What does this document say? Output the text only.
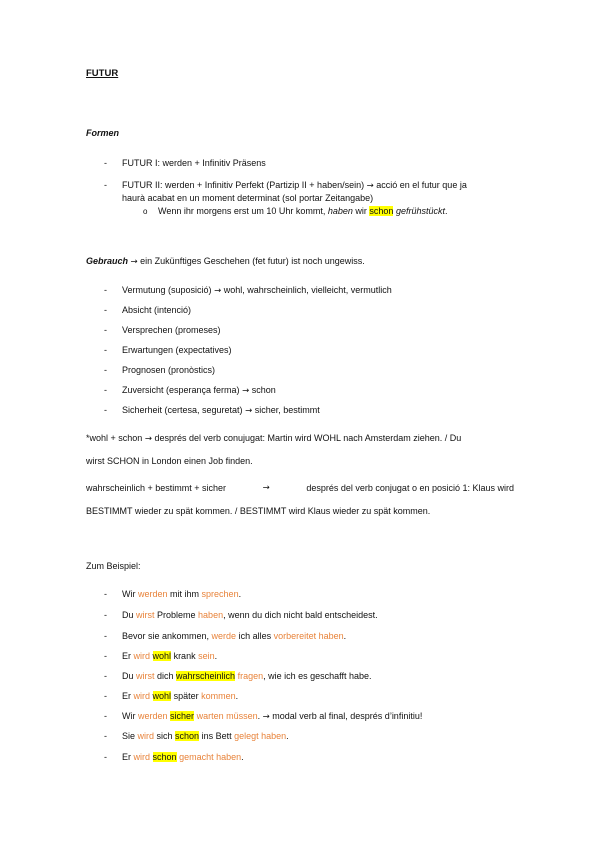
FUTUR
Formen
-	FUTUR I: werden + Infinitiv Präsens
-	FUTUR II: werden + Infinitiv Perfekt (Partizip II + haben/sein) → acció en el futur que ja
haurà acabat en un moment determinat (sol portar Zeitangabe)
o Wenn ihr morgens erst um 10 Uhr kommt, haben wir schon gefrühstückt.
Gebrauch → ein Zukünftiges Geschehen (fet futur) ist noch ungewiss.
-	Vermutung (suposició) → wohl, wahrscheinlich, vielleicht, vermutlich
-	Absicht (intenció)
-	Versprechen (promeses)
-	Erwartungen (expectatives)
-	Prognosen (pronòstics)
-	Zuversicht (esperança ferma) → schon
-	Sicherheit (certesa, seguretat) → sicher, bestimmt
*wohl + schon → després del verb conujugat: Martin wird WOHL nach Amsterdam ziehen. / Du
wirst SCHON in London einen Job finden.
wahrscheinlich + bestimmt + sicher	→	després del verb conjugat o en posició 1: Klaus wird
BESTIMMT wieder zu spät kommen. / BESTIMMT wird Klaus wieder zu spät kommen.
Zum Beispiel:
-	Wir werden mit ihm sprechen.
-	Du wirst Probleme haben, wenn du dich nicht bald entscheidest.
-	Bevor sie ankommen, werde ich alles vorbereitet haben.
-	Er wird wohl krank sein.
-	Du wirst dich wahrscheinlich fragen, wie ich es geschafft habe.
-	Er wird wohl später kommen.
-	Wir werden sicher warten müssen. → modal verb al final, després d’infinitiu!
-	Sie wird sich schon ins Bett gelegt haben.
-	Er wird schon gemacht haben.
